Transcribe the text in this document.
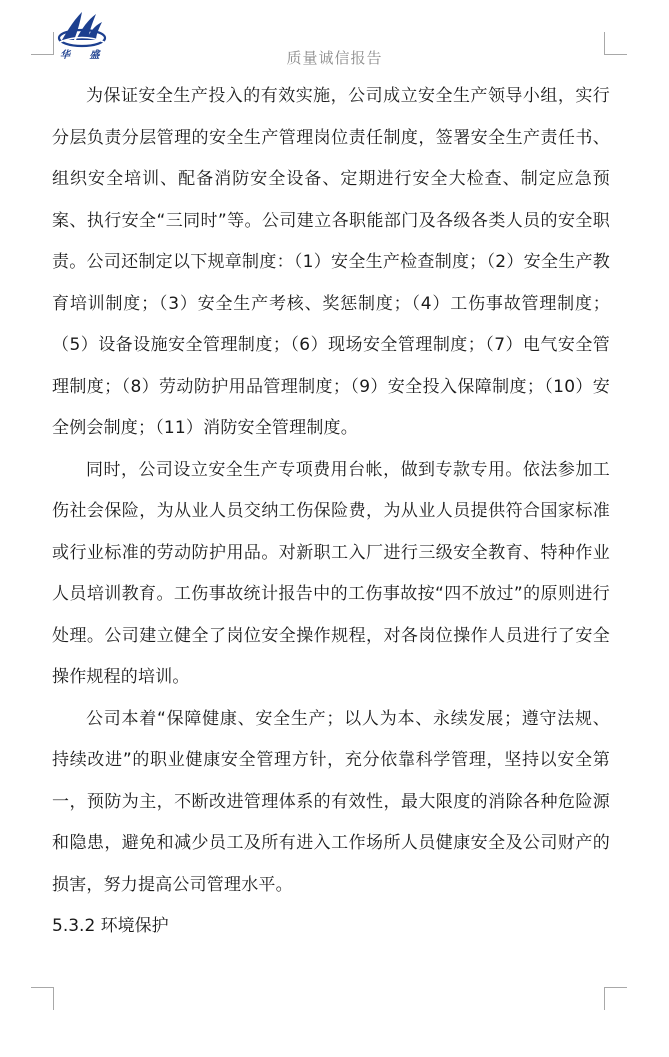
华 盛	质量诚信报告

为保证安全生产投入的有效实施，公司成立安全生产领导小组，实行分层负责分层管理的安全生产管理岗位责任制度，签署安全生产责任书、组织安全培训、配备消防安全设备、定期进行安全大检查、制定应急预案、执行安全“三同时”等。公司建立各职能部门及各级各类人员的安全职责。公司还制定以下规章制度：（1）安全生产检查制度；（2）安全生产教育培训制度；（3）安全生产考核、奖惩制度；（4）工伤事故管理制度；（5）设备设施安全管理制度；（6）现场安全管理制度；（7）电气安全管理制度；（8）劳动防护用品管理制度；（9）安全投入保障制度；（10）安全例会制度；（11）消防安全管理制度。

同时，公司设立安全生产专项费用台帐，做到专款专用。依法参加工伤社会保险，为从业人员交纳工伤保险费，为从业人员提供符合国家标准或行业标准的劳动防护用品。对新职工入厂进行三级安全教育、特种作业人员培训教育。工伤事故统计报告中的工伤事故按“四不放过”的原则进行处理。公司建立健全了岗位安全操作规程，对各岗位操作人员进行了安全操作规程的培训。

公司本着“保障健康、安全生产；以人为本、永续发展；遵守法规、持续改进”的职业健康安全管理方针，充分依靠科学管理，坚持以安全第一，预防为主，不断改进管理体系的有效性，最大限度的消除各种危险源和隐患，避免和减少员工及所有进入工作场所人员健康安全及公司财产的损害，努力提高公司管理水平。

5.3.2 环境保护
